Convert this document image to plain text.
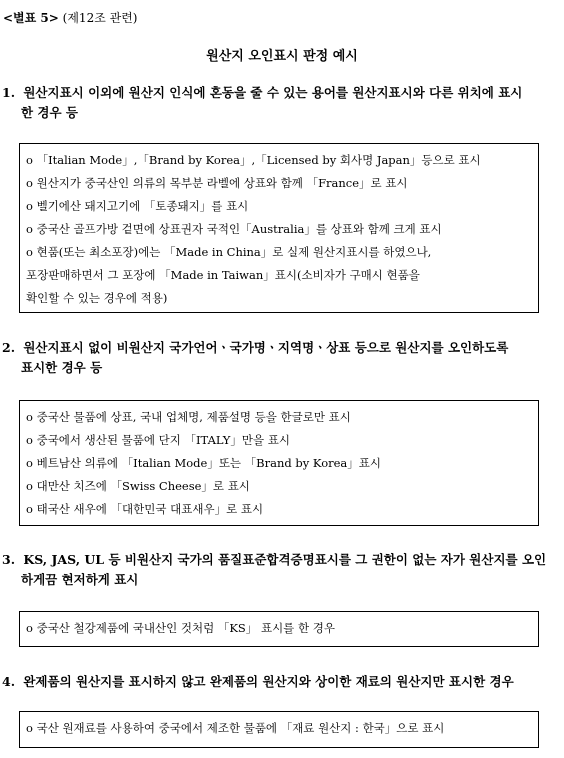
<별표 5> (제12조 관련)
원산지 오인표시 판정 예시
1. 원산지표시 이외에 원산지 인식에 혼동을 줄 수 있는 용어를 원산지표시와 다른 위치에 표시
한 경우 등
o 「Italian Mode」,「Brand by Korea」,「Licensed by 회사명 Japan」등으로 표시
o 원산지가 중국산인 의류의 목부분 라벨에 상표와 함께 「France」로 표시
o 벨기에산 돼지고기에 「토종돼지」를 표시
o 중국산 골프가방 겉면에 상표권자 국적인「Australia」를 상표와 함께 크게 표시
o 현품(또는 최소포장)에는 「Made in China」로 실제 원산지표시를 하였으나,
포장판매하면서 그 포장에 「Made in Taiwan」표시(소비자가 구매시 현품을
확인할 수 있는 경우에 적용)
2. 원산지표시 없이 비원산지 국가언어ㆍ국가명ㆍ지역명ㆍ상표 등으로 원산지를 오인하도록
표시한 경우 등
o 중국산 물품에 상표, 국내 업체명, 제품설명 등을 한글로만 표시
o 중국에서 생산된 물품에 단지 「ITALY」만을 표시
o 베트남산 의류에 「Italian Mode」또는 「Brand by Korea」표시
o 대만산 치즈에 「Swiss Cheese」로 표시
o 태국산 새우에 「대한민국 대표새우」로 표시
3. KS, JAS, UL 등 비원산지 국가의 품질표준합격증명표시를 그 권한이 없는 자가 원산지를 오인
하게끔 현저하게 표시
o 중국산 철강제품에 국내산인 것처럼 「KS」 표시를 한 경우
4. 완제품의 원산지를 표시하지 않고 완제품의 원산지와 상이한 재료의 원산지만 표시한 경우
o 국산 원재료를 사용하여 중국에서 제조한 물품에 「재료 원산지 : 한국」으로 표시
